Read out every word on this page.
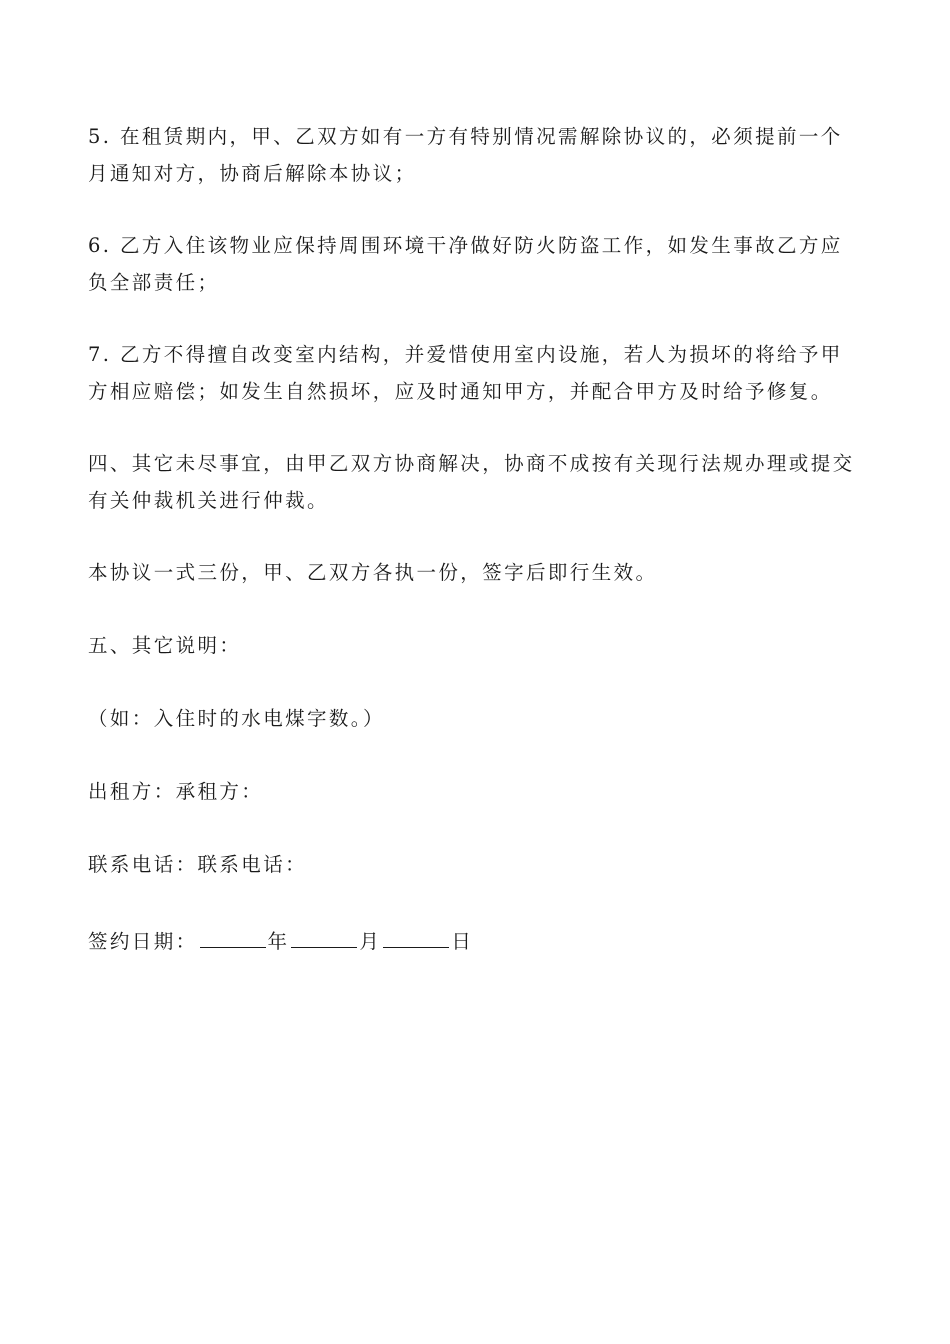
5. 在租赁期内，甲、乙双方如有一方有特别情况需解除协议的，必须提前一个月通知对方，协商后解除本协议；

6. 乙方入住该物业应保持周围环境干净做好防火防盗工作，如发生事故乙方应负全部责任；

7. 乙方不得擅自改变室内结构，并爱惜使用室内设施，若人为损坏的将给予甲方相应赔偿；如发生自然损坏，应及时通知甲方，并配合甲方及时给予修复。

四、其它未尽事宜，由甲乙双方协商解决，协商不成按有关现行法规办理或提交有关仲裁机关进行仲裁。

本协议一式三份，甲、乙双方各执一份，签字后即行生效。

五、其它说明：

（如：入住时的水电煤字数。）

出租方：承租方：

联系电话：联系电话：

签约日期：	年	月	日
